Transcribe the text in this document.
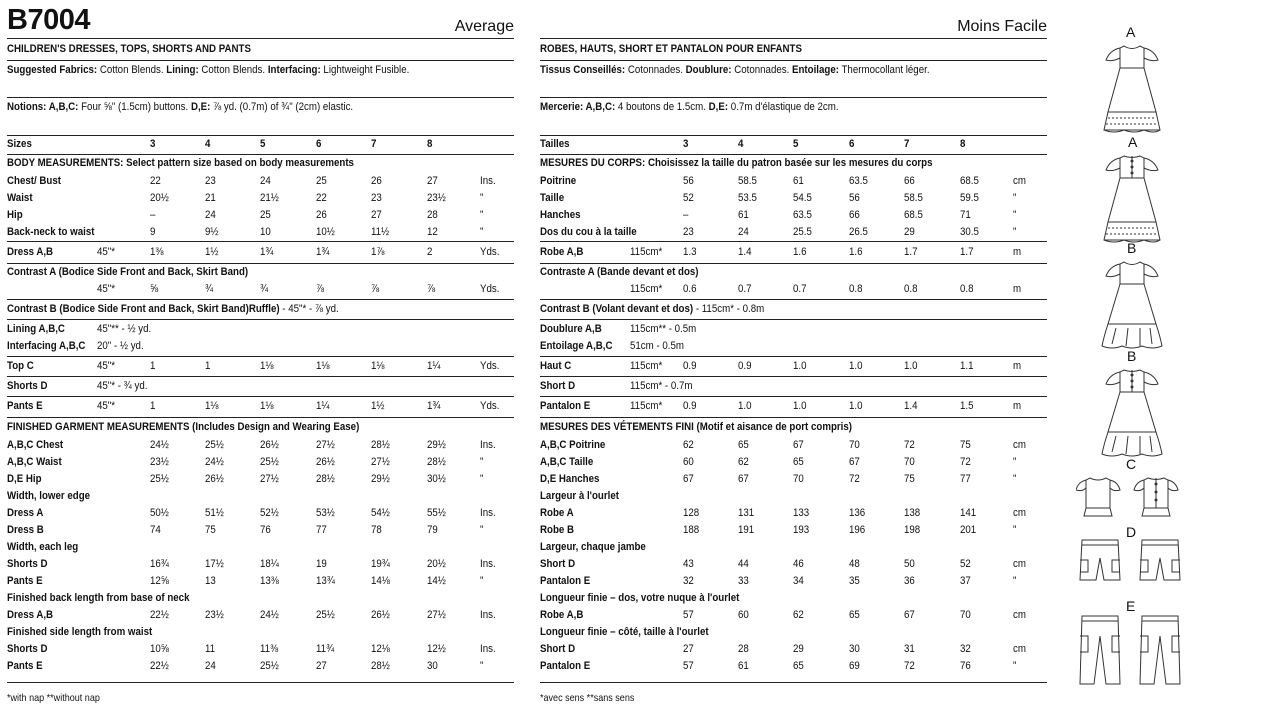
B7004	Average
CHILDREN'S DRESSES, TOPS, SHORTS AND PANTS
Suggested Fabrics: Cotton Blends. Lining: Cotton Blends. Interfacing: Lightweight Fusible.
Notions: A,B,C: Four ⅝" (1.5cm) buttons. D,E: ⅞ yd. (0.7m) of ¾" (2cm) elastic.
Sizes	3	4	5	6	7	8
BODY MEASUREMENTS: Select pattern size based on body measurements
Chest/ Bust	22	23	24	25	26	27	Ins.
Waist	20½	21	21½	22	23	23½	"
Hip	–	24	25	26	27	28	"
Back-neck to waist	9	9½	10	10½	11½	12	"
Dress A,B	45"*	1⅜	1½	1¾	1¾	1⅞	2	Yds.
Contrast A (Bodice Side Front and Back, Skirt Band)
45"*	⅝	¾	¾	⅞	⅞	⅞	Yds.
Contrast B (Bodice Side Front and Back, Skirt Band)Ruffle) - 45"* - ⅞ yd.
Lining A,B,C	45"** - ½ yd.
Interfacing A,B,C 20" - ½ yd.
Top C	45"*	1	1	1⅛	1⅛	1⅛	1¼	Yds.
Shorts D	45"* - ¾ yd.
Pants E	45"*	1	1⅛	1⅛	1¼	1½	1¾	Yds.
FINISHED GARMENT MEASUREMENTS (Includes Design and Wearing Ease)
A,B,C Chest	24½	25½	26½	27½	28½	29½	Ins.
A,B,C Waist	23½	24½	25½	26½	27½	28½	"
D,E Hip	25½	26½	27½	28½	29½	30½	"
Width, lower edge
Dress A	50½	51½	52½	53½	54½	55½	Ins.
Dress B	74	75	76	77	78	79	"
Width, each leg
Shorts D	16¾	17½	18¼	19	19¾	20½	Ins.
Pants E	12⅝	13	13⅜	13¾	14⅛	14½	"
Finished back length from base of neck
Dress A,B	22½	23½	24½	25½	26½	27½	Ins.
Finished side length from waist
Shorts D	10⅝	11	11⅜	11¾	12⅛	12½	Ins.
Pants E	22½	24	25½	27	28½	30	"
*with nap **without nap
Moins Facile
ROBES, HAUTS, SHORT ET PANTALON POUR ENFANTS
Tissus Conseillés: Cotonnades. Doublure: Cotonnades. Entoilage: Thermocollant léger.
Mercerie: A,B,C: 4 boutons de 1.5cm. D,E: 0.7m d'élastique de 2cm.
Tailles	3	4	5	6	7	8
MESURES DU CORPS: Choisissez la taille du patron basée sur les mesures du corps
Poitrine	56	58.5	61	63.5	66	68.5	cm
Taille	52	53.5	54.5	56	58.5	59.5	"
Hanches	–	61	63.5	66	68.5	71	"
Dos du cou à la taille	23	24	25.5	26.5	29	30.5	"
Robe A,B	115cm* 1.3	1.4	1.6	1.6	1.7	1.7	m
Contraste A (Bande devant et dos)
115cm* 0.6	0.7	0.7	0.8	0.8	0.8	m
Contrast B (Volant devant et dos) - 115cm* - 0.8m
Doublure A,B	115cm** - 0.5m
Entoilage A,B,C 51cm - 0.5m
Haut C	115cm* 0.9	0.9	1.0	1.0	1.0	1.1	m
Short D	115cm* - 0.7m
Pantalon E	115cm* 0.9	1.0	1.0	1.0	1.4	1.5	m
MESURES DES VÉTEMENTS FINI (Motif et aisance de port compris)
A,B,C Poitrine	62	65	67	70	72	75	cm
A,B,C Taille	60	62	65	67	70	72	"
D,E Hanches	67	67	70	72	75	77	"
Largeur à l'ourlet
Robe A	128	131	133	136	138	141	cm
Robe B	188	191	193	196	198	201	"
Largeur, chaque jambe
Short D	43	44	46	48	50	52	cm
Pantalon E	32	33	34	35	36	37	"
Longueur finie – dos, votre nuque à l'ourlet
Robe A,B	57	60	62	65	67	70	cm
Longueur finie – côté, taille à l'ourlet
Short D	27	28	29	30	31	32	cm
Pantalon E	57	61	65	69	72	76	"
*avec sens **sans sens
A
A
B
B
C
D
E
